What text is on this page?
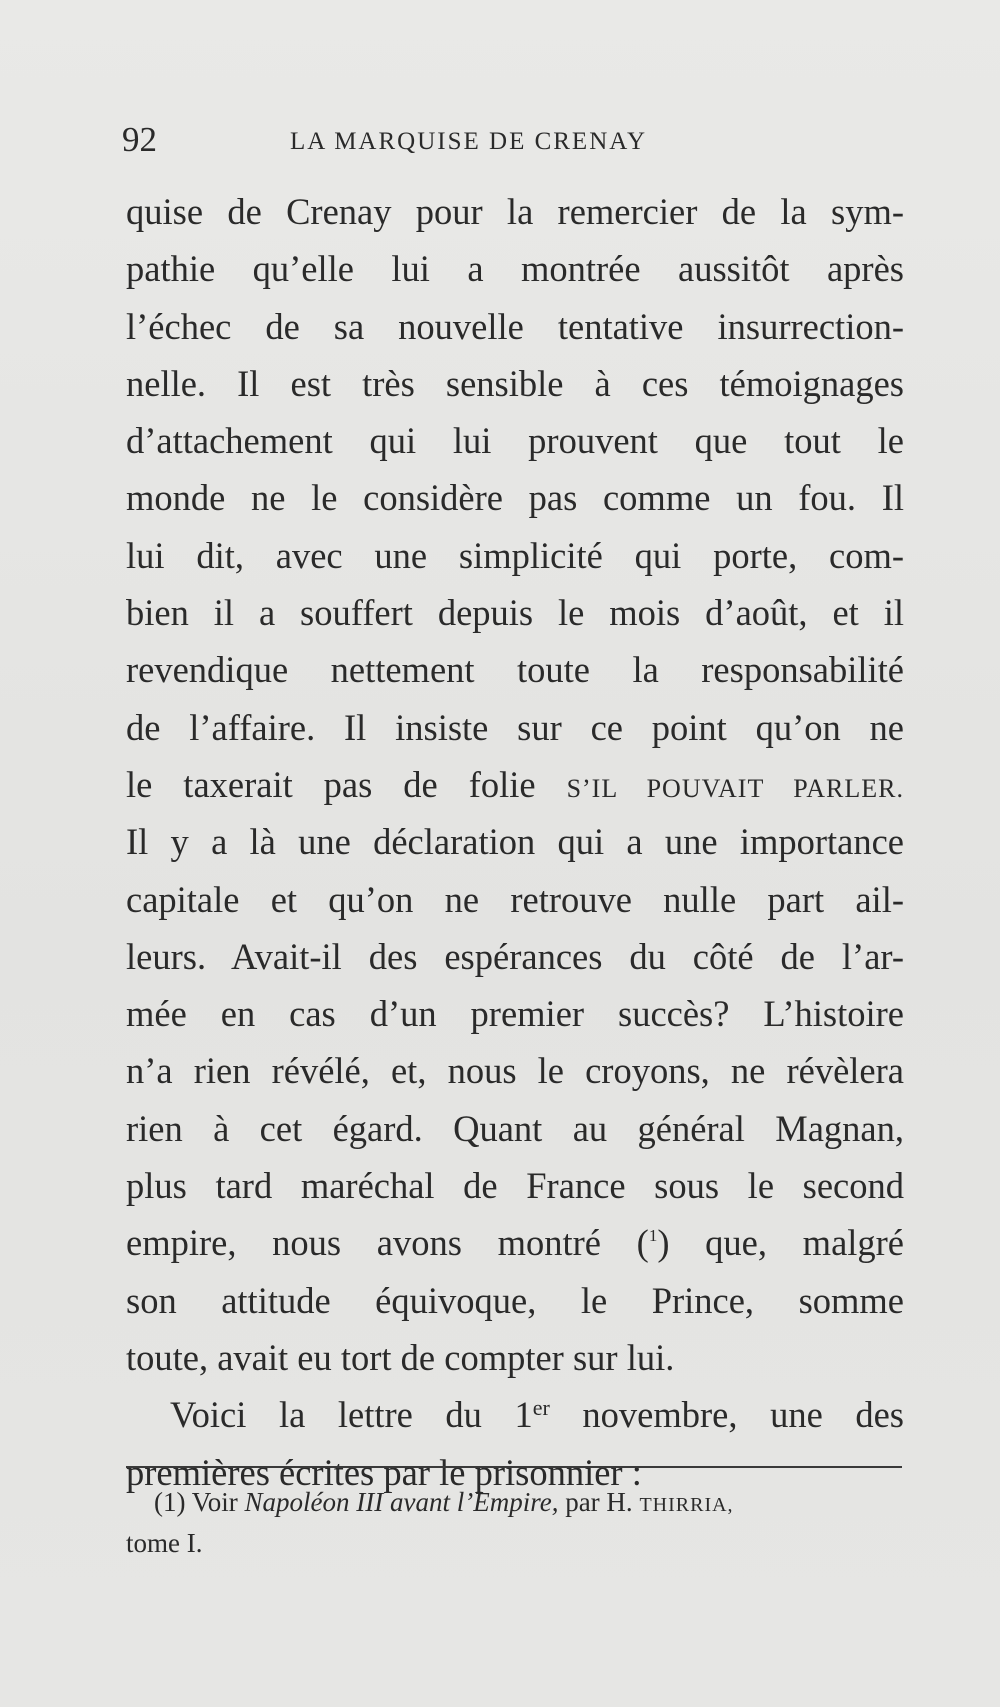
92	LA MARQUISE DE CRENAY
quise de Crenay pour la remercier de la sym-
pathie qu’elle lui a montrée aussitôt après
l’échec de sa nouvelle tentative insurrection-
nelle. Il est très sensible à ces témoignages
d’attachement qui lui prouvent que tout le
monde ne le considère pas comme un fou. Il
lui dit, avec une simplicité qui porte, com-
bien il a souffert depuis le mois d’août, et il
revendique nettement toute la responsabilité
de l’affaire. Il insiste sur ce point qu’on ne
le taxerait pas de folie S’IL POUVAIT PARLER.
Il y a là une déclaration qui a une importance
capitale et qu’on ne retrouve nulle part ail-
leurs. Avait-il des espérances du côté de l’ar-
mée en cas d’un premier succès? L’histoire
n’a rien révélé, et, nous le croyons, ne révèlera
rien à cet égard. Quant au général Magnan,
plus tard maréchal de France sous le second
empire, nous avons montré ($^1$) que, malgré
son attitude équivoque, le Prince, somme
toute, avait eu tort de compter sur lui.
Voici la lettre du 1er novembre, une des
premières écrites par le prisonnier :
(1) Voir Napoléon III avant l’Empire, par H. THIRRIA,
tome I.
